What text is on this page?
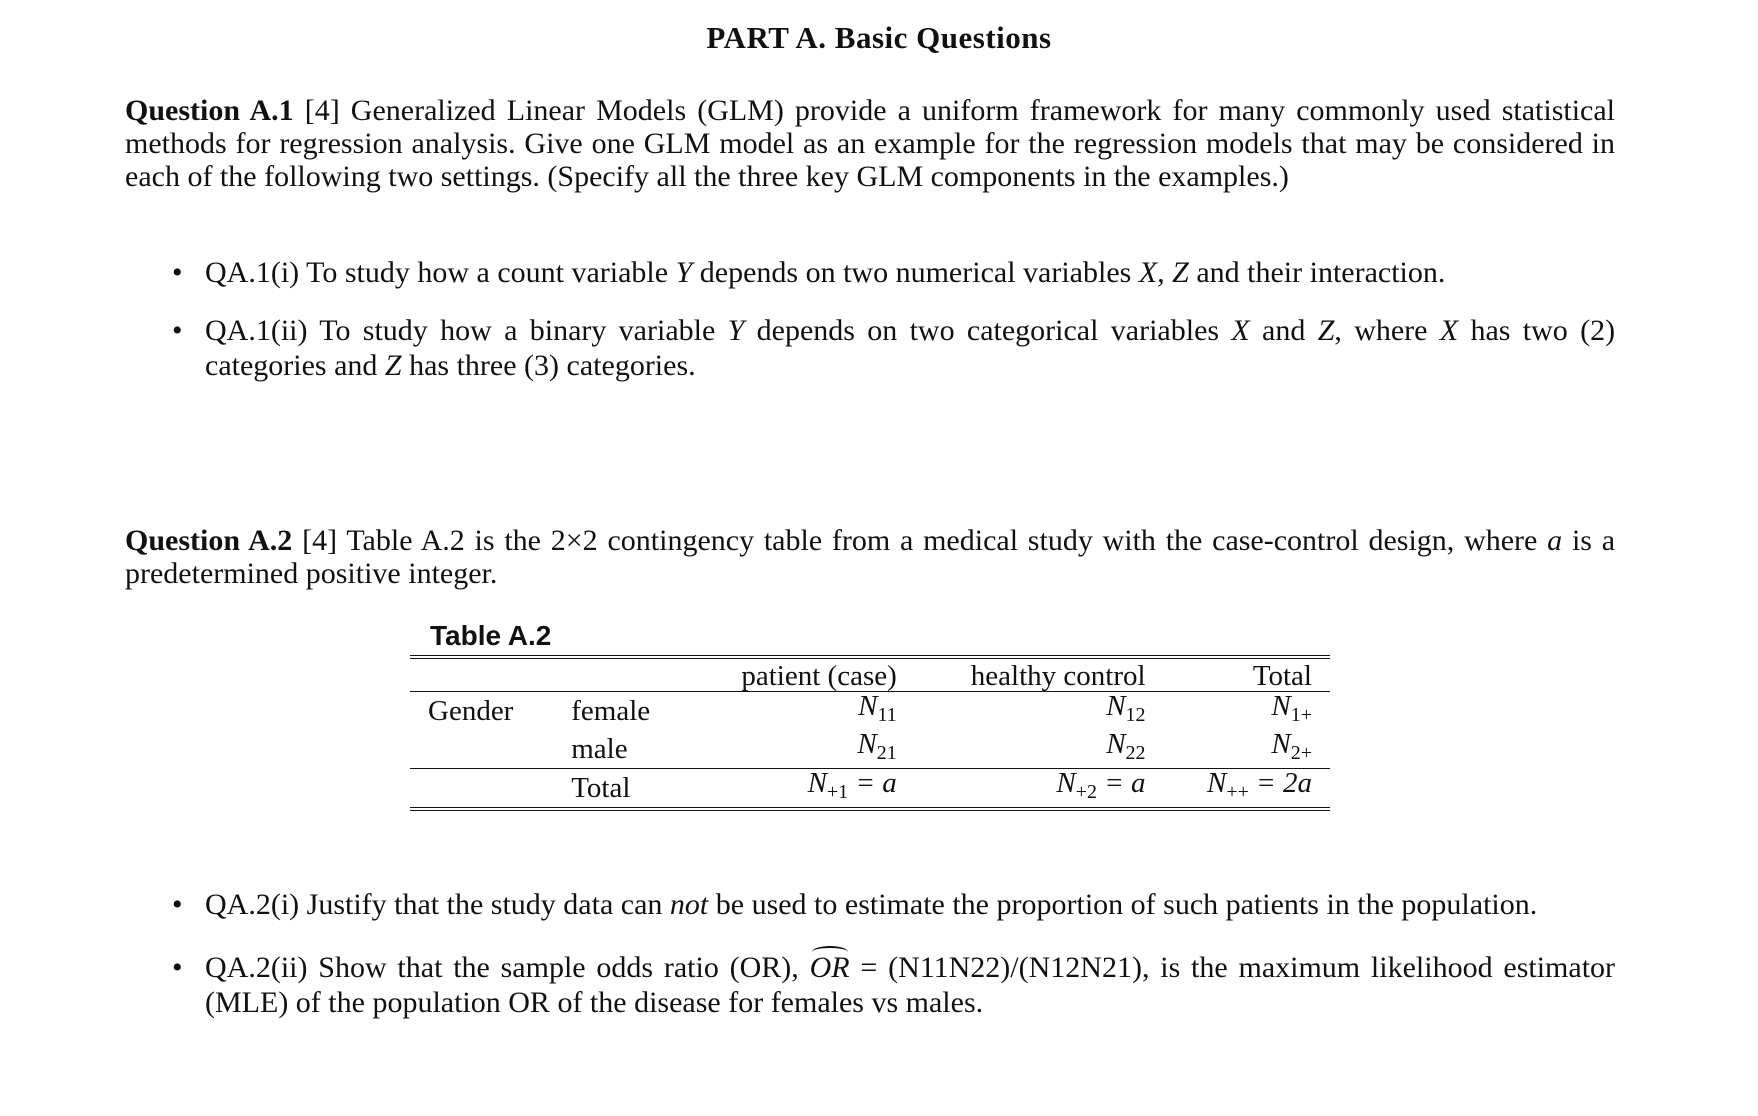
PART A. Basic Questions
Question A.1 [4] Generalized Linear Models (GLM) provide a uniform framework for many commonly used statistical methods for regression analysis. Give one GLM model as an example for the regression models that may be considered in each of the following two settings. (Specify all the three key GLM components in the examples.)
• QA.1(i) To study how a count variable Y depends on two numerical variables X, Z and their interaction.
• QA.1(ii) To study how a binary variable Y depends on two categorical variables X and Z, where X has two (2) categories and Z has three (3) categories.
Question A.2 [4] Table A.2 is the 2×2 contingency table from a medical study with the case-control design, where a is a predetermined positive integer.
Table A.2
		patient (case)	healthy control	Total
Gender	female	$N_{11}$	$N_{12}$	$N_{1+}$
	male	$N_{21}$	$N_{22}$	$N_{2+}$
	Total	$N_{+1} = a$	$N_{+2} = a$	$N_{++} = 2a$
• QA.2(i) Justify that the study data can not be used to estimate the proportion of such patients in the population.
• QA.2(ii) Show that the sample odds ratio (OR), OR = (N11N22)/(N12N21), is the maximum likelihood estimator (MLE) of the population OR of the disease for females vs males.
